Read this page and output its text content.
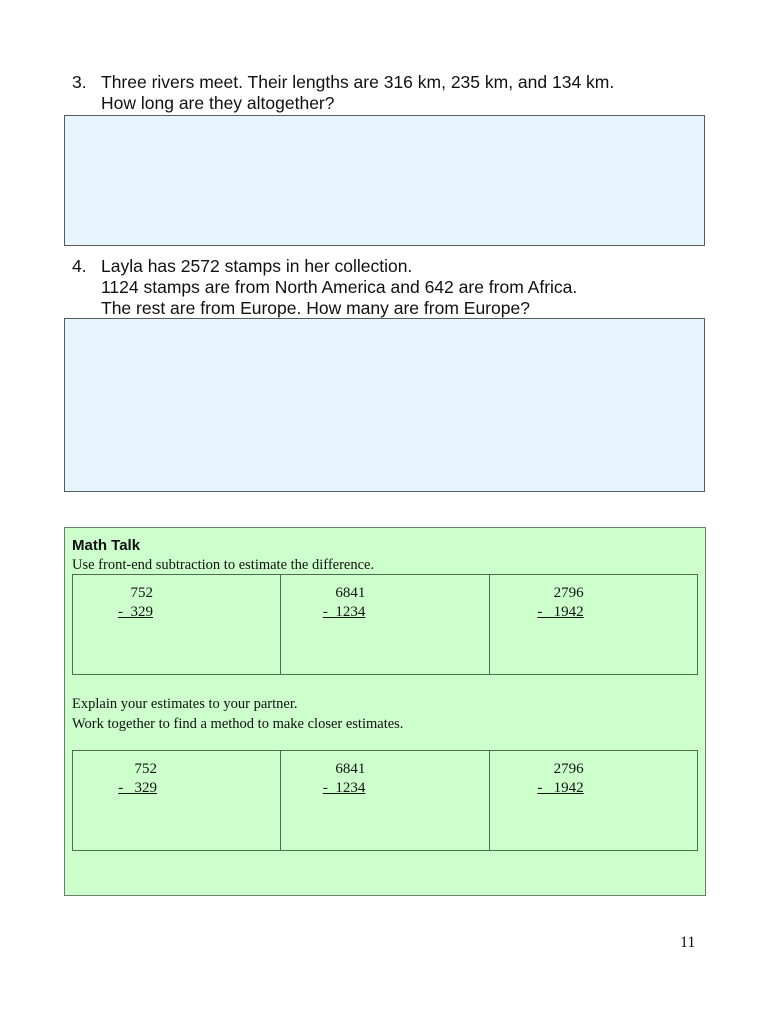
3. Three rivers meet. Their lengths are 316 km, 235 km, and 134 km.
How long are they altogether?
4. Layla has 2572 stamps in her collection.
1124 stamps are from North America and 642 are from Africa.
The rest are from Europe. How many are from Europe?
Math Talk
Use front-end subtraction to estimate the difference.
752
-  329
6841
-  1234
2796
-   1942
Explain your estimates to your partner.
Work together to find a method to make closer estimates.
752
-   329
6841
-  1234
2796
-   1942
11
